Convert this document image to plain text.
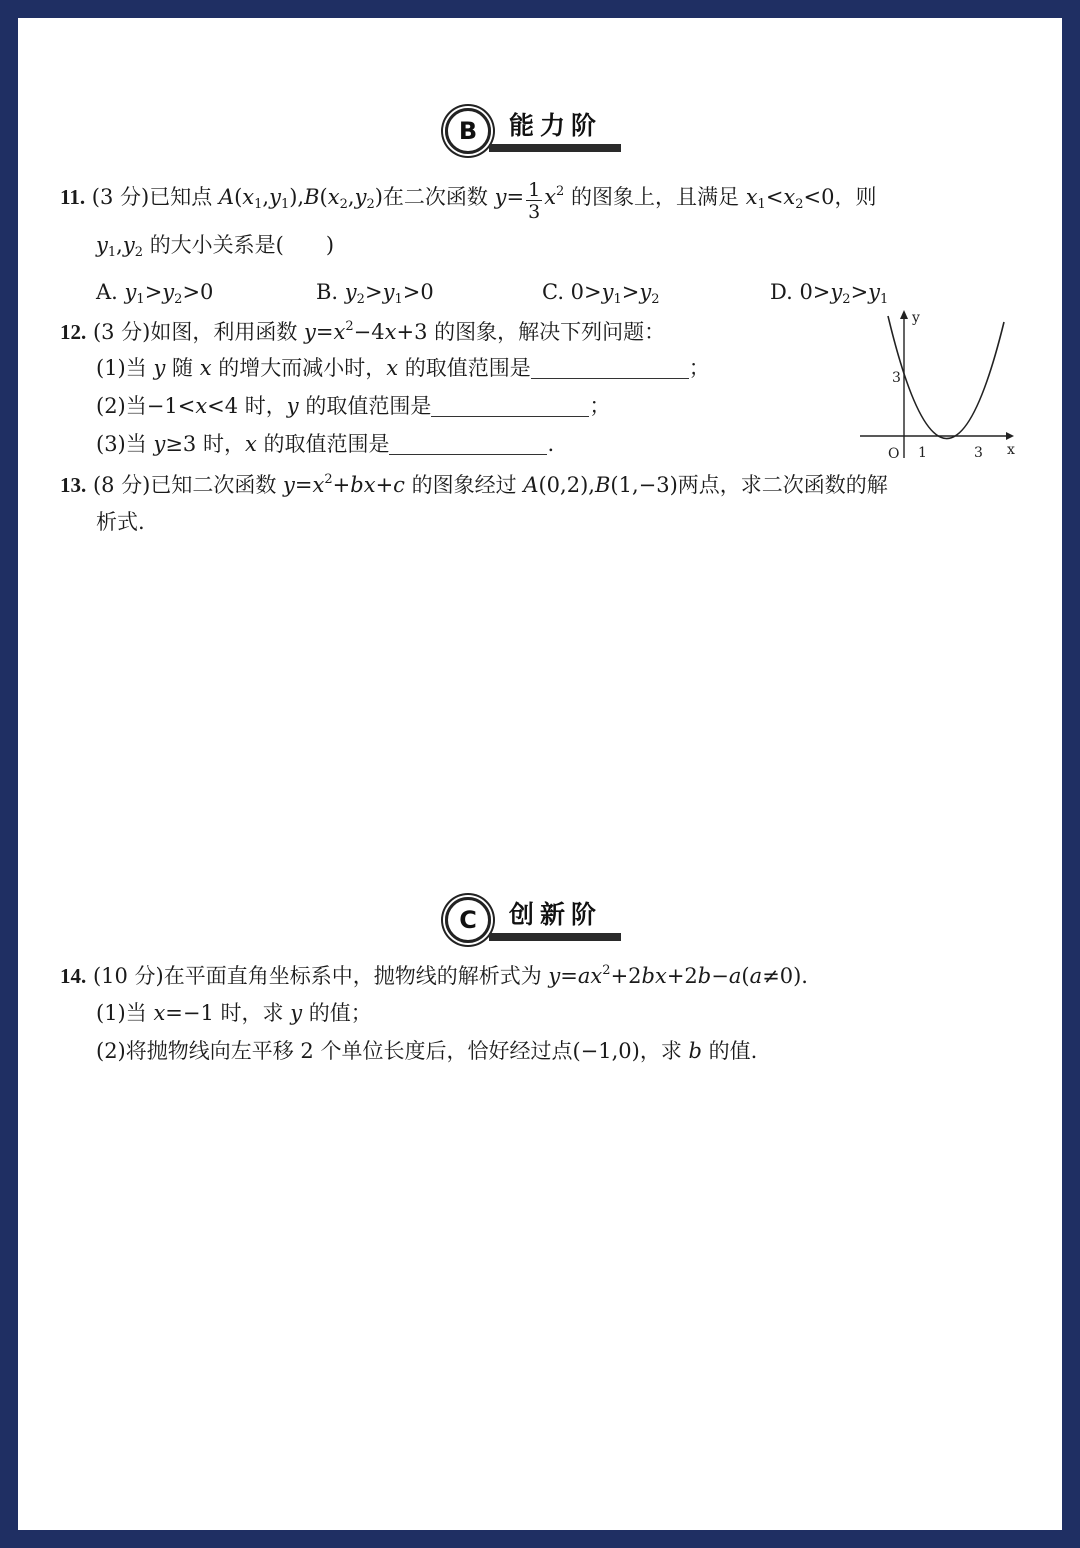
B	能力阶
11. (3 分)已知点 $A(x_1,y_1),B(x_2,y_2)$在二次函数 $y= \frac{1}{3} x^2$ 的图象上，且满足 $x_1<x_2<0$，则
$y_1,y_2$ 的大小关系是(　　)
A. $y_1>y_2>0$	B. $y_2>y_1>0$	C. $0>y_1>y_2$	D. $0>y_2>y_1$
12. (3 分)如图，利用函数 $y=x^2-4x+3$ 的图象，解决下列问题：
(1)当 y 随 x 的增大而减小时，x 的取值范围是	；
(2)当−1<x<4 时，y 的取值范围是	；
(3)当 y≥3 时，x 的取值范围是	.
y
x
O
3
1	3
13. (8 分)已知二次函数 $y=x^2+bx+c$ 的图象经过 A(0,2),B(1,−3)两点，求二次函数的解
析式.
C	创新阶
14. (10 分)在平面直角坐标系中，抛物线的解析式为 $y=ax^2+2bx+2b-a(a\ne 0)$.
(1)当 x=−1 时，求 y 的值；
(2)将抛物线向左平移 2 个单位长度后，恰好经过点(−1,0)，求 b 的值.
